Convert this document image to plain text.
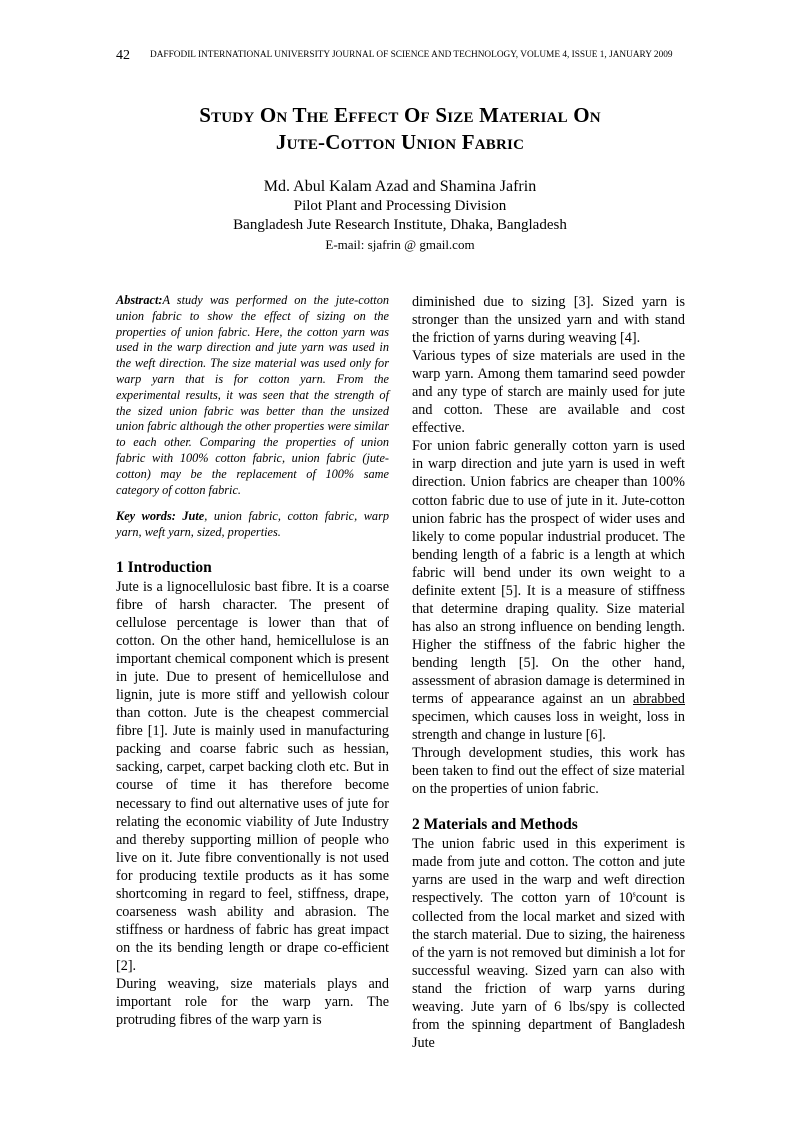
42 DAFFODIL INTERNATIONAL UNIVERSITY JOURNAL OF SCIENCE AND TECHNOLOGY, VOLUME 4, ISSUE 1, JANUARY 2009
Study On The Effect Of Size Material On
Jute-Cotton Union Fabric
Md. Abul Kalam Azad and Shamina Jafrin
Pilot Plant and Processing Division
Bangladesh Jute Research Institute, Dhaka, Bangladesh
E-mail: sjafrin @ gmail.com

Abstract:A study was performed on the jute-cotton union fabric to show the effect of sizing on the properties of union fabric. Here, the cotton yarn was used in the warp direction and jute yarn was used in the weft direction. The size material was used only for warp yarn that is for cotton yarn. From the experimental results, it was seen that the strength of the sized union fabric was better than the unsized union fabric although the other properties were similar to each other. Comparing the properties of union fabric with 100% cotton fabric, union fabric (jute-cotton) may be the replacement of 100% same category of cotton fabric.

Key words: Jute, union fabric, cotton fabric, warp yarn, weft yarn, sized, properties.

1 Introduction

Jute is a lignocellulosic bast fibre. It is a coarse fibre of harsh character. The present of cellulose percentage is lower than that of cotton. On the other hand, hemicellulose is an important chemical component which is present in jute. Due to present of hemicellulose and lignin, jute is more stiff and yellowish colour than cotton. Jute is the cheapest commercial fibre [1]. Jute is mainly used in manufacturing packing and coarse fabric such as hessian, sacking, carpet, carpet backing cloth etc. But in course of time it has therefore become necessary to find out alternative uses of jute for relating the economic viability of Jute Industry and thereby supporting million of people who live on it. Jute fibre conventionally is not used for producing textile products as it has some shortcoming in regard to feel, stiffness, drape, coarseness wash ability and abrasion. The stiffness or hardness of fabric has great impact on the its bending length or drape co-efficient [2].

During weaving, size materials plays and important role for the warp yarn. The protruding fibres of the warp yarn is

diminished due to sizing [3]. Sized yarn is stronger than the unsized yarn and with stand the friction of yarns during weaving [4].

Various types of size materials are used in the warp yarn. Among them tamarind seed powder and any type of starch are mainly used for jute and cotton. These are available and cost effective.

For union fabric generally cotton yarn is used in warp direction and jute yarn is used in weft direction. Union fabrics are cheaper than 100% cotton fabric due to use of jute in it. Jute-cotton union fabric has the prospect of wider uses and likely to come popular industrial producet. The bending length of a fabric is a length at which fabric will bend under its own weight to a definite extent [5]. It is a measure of stiffness that determine draping quality. Size material has also an strong influence on bending length. Higher the stiffness of the fabric higher the bending length [5]. On the other hand, assessment of abrasion damage is determined in terms of appearance against an un abrabbed specimen, which causes loss in weight, loss in strength and change in lusture [6].

Through development studies, this work has been taken to find out the effect of size material on the properties of union fabric.

2 Materials and Methods

The union fabric used in this experiment is made from jute and cotton. The cotton and jute yarns are used in the warp and weft direction respectively. The cotton yarn of 10$^s$count is collected from the local market and sized with the starch material. Due to sizing, the haireness of the yarn is not removed but diminish a lot for successful weaving. Sized yarn can also with stand the friction of warp yarns during weaving. Jute yarn of 6 lbs/spy is collected from the spinning department of Bangladesh Jute
